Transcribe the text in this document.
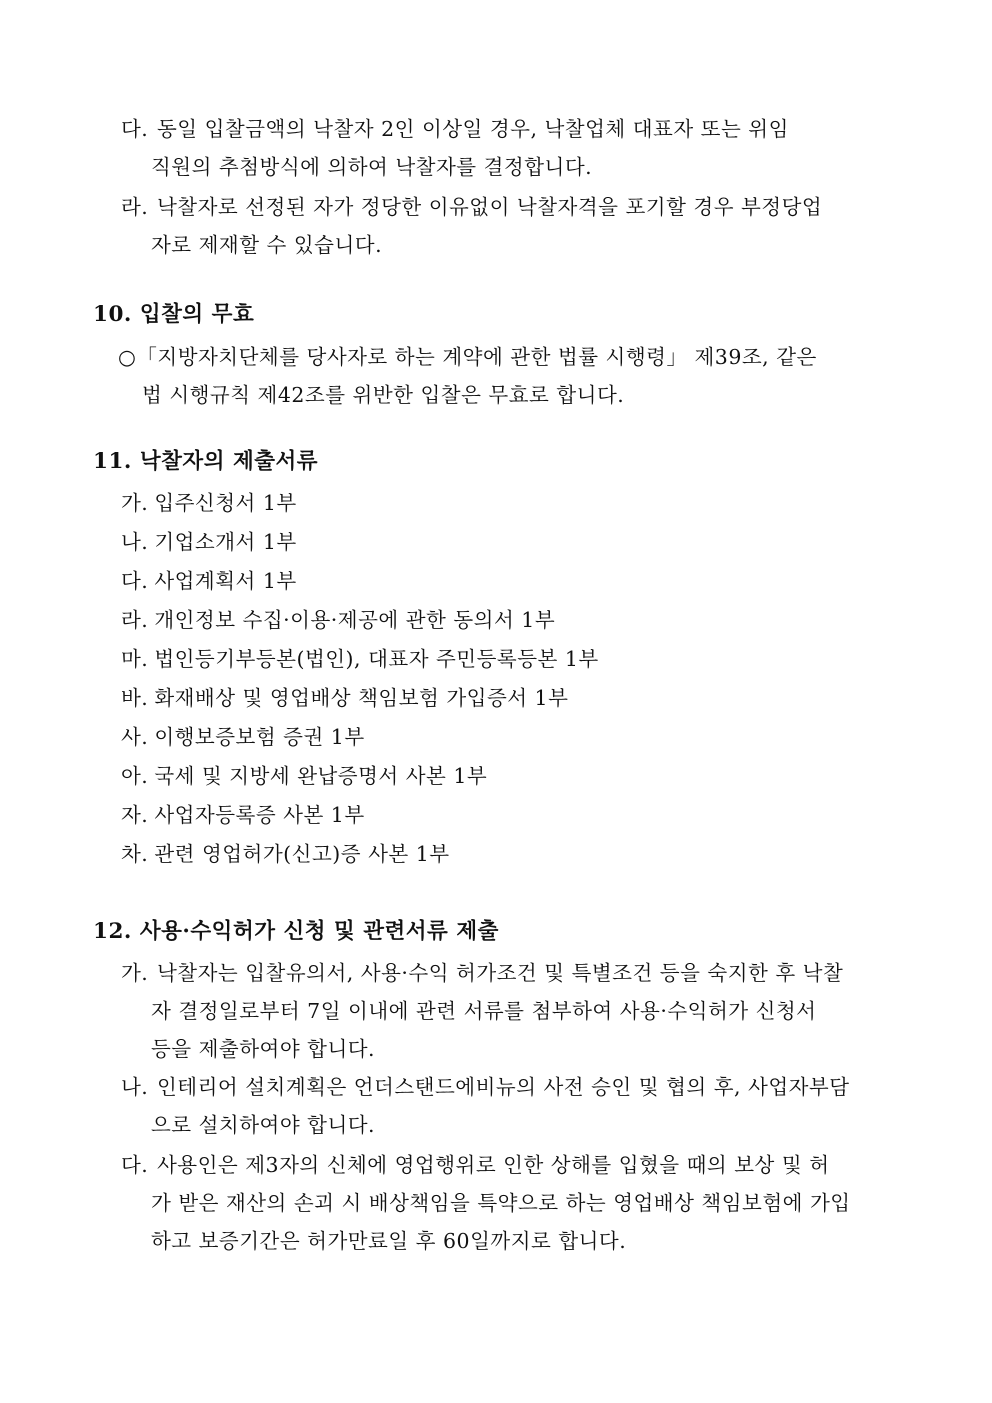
다. 동일 입찰금액의 낙찰자 2인 이상일 경우, 낙찰업체 대표자 또는 위임
직원의 추첨방식에 의하여 낙찰자를 결정합니다.
라. 낙찰자로 선정된 자가 정당한 이유없이 낙찰자격을 포기할 경우 부정당업
자로 제재할 수 있습니다.
10. 입찰의 무효
○「지방자치단체를 당사자로 하는 계약에 관한 법률 시행령」 제39조, 같은
법 시행규칙 제42조를 위반한 입찰은 무효로 합니다.
11. 낙찰자의 제출서류
가. 입주신청서 1부
나. 기업소개서 1부
다. 사업계획서 1부
라. 개인정보 수집·이용·제공에 관한 동의서 1부
마. 법인등기부등본(법인), 대표자 주민등록등본 1부
바. 화재배상 및 영업배상 책임보험 가입증서 1부
사. 이행보증보험 증권 1부
아. 국세 및 지방세 완납증명서 사본 1부
자. 사업자등록증 사본 1부
차. 관련 영업허가(신고)증 사본 1부
12. 사용·수익허가 신청 및 관련서류 제출
가. 낙찰자는 입찰유의서, 사용·수익 허가조건 및 특별조건 등을 숙지한 후 낙찰
자 결정일로부터 7일 이내에 관련 서류를 첨부하여 사용·수익허가 신청서
등을 제출하여야 합니다.
나. 인테리어 설치계획은 언더스탠드에비뉴의 사전 승인 및 협의 후, 사업자부담
으로 설치하여야 합니다.
다. 사용인은 제3자의 신체에 영업행위로 인한 상해를 입혔을 때의 보상 및 허
가 받은 재산의 손괴 시 배상책임을 특약으로 하는 영업배상 책임보험에 가입
하고 보증기간은 허가만료일 후 60일까지로 합니다.
